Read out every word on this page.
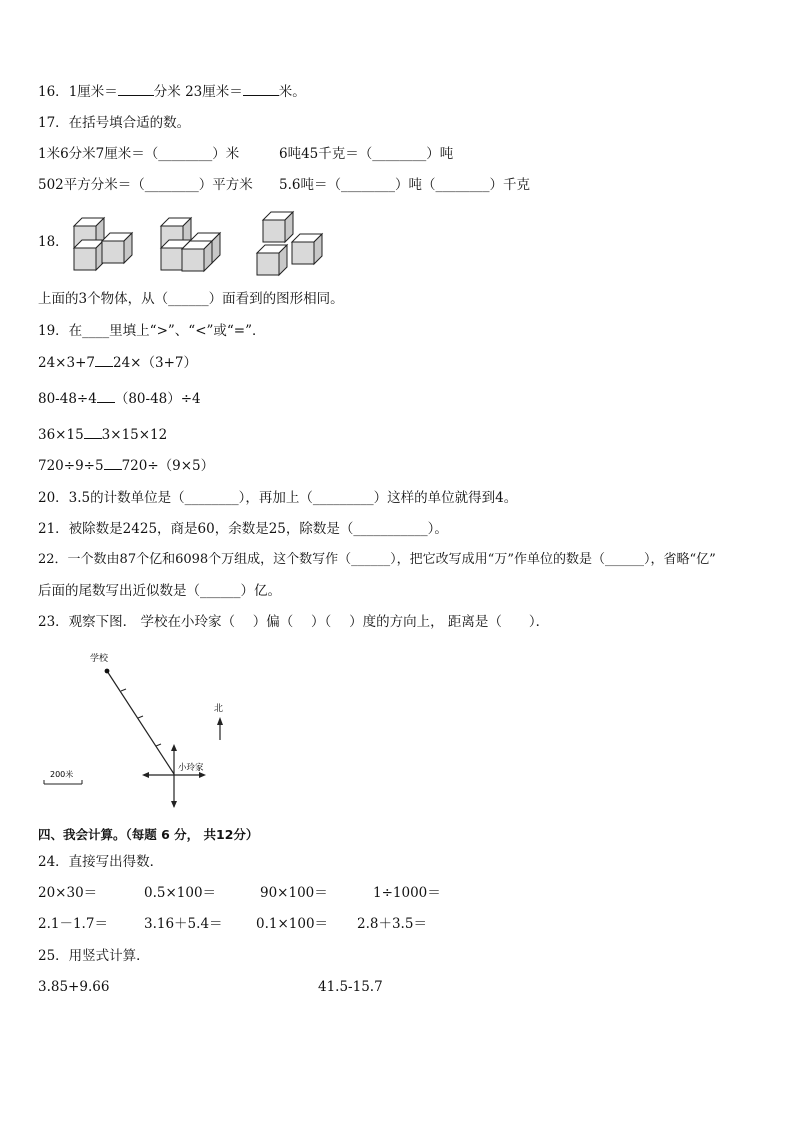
16．1厘米＝	分米 23厘米＝	米。
17．在括号填合适的数。
1米6分米7厘米＝（________）米	6吨45千克＝（________）吨
502平方分米＝（________）平方米 5.6吨＝（________）吨（________）千克
18．
上面的3个物体，从（______）面看到的图形相同。
19．在____里填上“>”、“<”或“=”．
24×3+7 24×（3+7）
80-48÷4 （80-48）÷4
36×15 3×15×12
720÷9÷5 720÷（9×5）
20．3.5的计数单位是（________），再加上（_________）这样的单位就得到4。
21．被除数是2425，商是60，余数是25，除数是（___________）。
22．一个数由87个亿和6098个万组成，这个数写作（______），把它改写成用“万”作单位的数是（______），省略“亿”
后面的尾数写出近似数是（______）亿。
23．观察下图． 学校在小玲家（　 ）偏（　 ）（　 ）度的方向上， 距离是（　　）．
学校
小玲家
北
200米
四、我会计算。（每题 6 分， 共12分）
24．直接写出得数．
20×30＝	0.5×100＝	90×100＝	1÷1000＝
2.1－1.7＝	3.16＋5.4＝ 0.1×100＝ 2.8＋3.5＝
25．用竖式计算．
3.85+9.66	41.5-15.7
